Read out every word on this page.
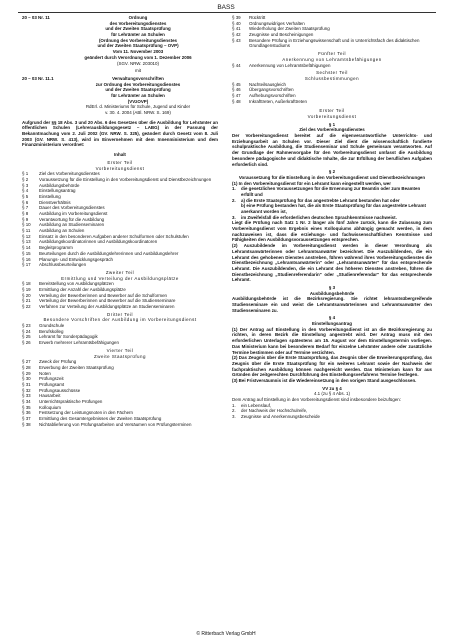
BASS
20 – 03 Nr. 11	Ordnung
des Vorbereitungsdienstes
und der Zweiten Staatsprüfung
für Lehrämter an Schulen
(Ordnung des Vorbereitungsdienstes
und der Zweiten Staatsprüfung – OVP)
Vom 11. November 2003
geändert durch Verordnung vom 1. Dezember 2006
(SGV. NRW. 203010)
mit
20 – 03 Nr. 11.1	Verwaltungsvorschriften
zur Ordnung des Vorbereitungsdienstes
und der Zweiten Staatsprüfung
für Lehrämter an Schulen
(VVzOVP)
RdErl. d. Ministeriums für Schule, Jugend und Kinder
v. 30. 4. 2004 (ABl. NRW. S. 169)
Aufgrund der §§ 18 Abs. 3 und 20 Abs. 6 des Gesetzes über die Ausbildung für Lehrämter an öffentlichen Schulen (Lehrerausbildungsgesetz – LABG) in der Fassung der Bekanntmachung vom 2. Juli 2002 (GV. NRW. S. 325), geändert durch Gesetz vom 8. Juli 2003 (GV. NRW. S. 413), wird im Einvernehmen mit dem Innenministerium und dem Finanzministerium verordnet:
Inhalt
Erster Teil
Vorbereitungsdienst
§ 1	Ziel des Vorbereitungsdienstes
§ 2	Voraussetzung für die Einstellung in den Vorbereitungsdienst und Dienstbezeichnungen
§ 3	Ausbildungsbehörde
§ 4	Einstellungsantrag
§ 5	Einstellung
§ 6	Dienstverhältnis
§ 7	Dauer des Vorbereitungsdienstes
§ 8	Ausbildung im Vorbereitungsdienst
§ 9	Verantwortung für die Ausbildung
§ 10	Ausbildung an Studienseminaren
§ 11	Ausbildung an Schulen
§ 12	Einsatz in den besonderen Aufgaben anderer Schulformen oder Schulstufen
§ 13	Ausbildungskoordinatorinnen und Ausbildungskoordinatoren
§ 14	Begleitprogramm
§ 15	Beurteilungen durch die Ausbildungslehrerinnen und Ausbildungslehrer
§ 16	Planungs- und Entwicklungsgespräch
§ 17	Abschlussbeurteilungen
Zweiter Teil
Ermittlung und Verteilung der Ausbildungsplätze
§ 18	Bereitstellung von Ausbildungsplätzen
§ 19	Ermittlung der Anzahl der Ausbildungsplätze
§ 20	Verteilung der Bewerberinnen und Bewerber auf die Schulformen
§ 21	Verteilung der Bewerberinnen und Bewerber auf die Studienseminare
§ 22	Verfahren zur Verteilung der Ausbildungsplätze an Studienseminaren
Dritter Teil
Besondere Vorschriften der Ausbildung im Vorbereitungsdienst
§ 23	Grundschule
§ 24	Berufskolleg
§ 25	Lehramt für Sonderpädagogik
§ 26	Erwerb mehrerer Lehramtsbefähigungen
Vierter Teil
Zweite Staatsprüfung
§ 27	Zweck der Prüfung
§ 28	Erwerbung der Zweiten Staatsprüfung
§ 29	Noten
§ 30	Prüfungszeit
§ 31	Prüfungsamt
§ 32	Prüfungsausschüsse
§ 33	Hausarbeit
§ 34	Unterrichtspraktische Prüfungen
§ 35	Kolloquium
§ 36	Festsetzung der Leistungsnoten in den Fächern
§ 37	Ermittlung des Gesamtergebnisses der Zweiten Staatsprüfung
§ 38	Nichtablieferung von Prüfungsarbeiten und Versäumen von Prüfungsterminen
§ 39	Rücktritt
§ 40	Ordnungswidriges Verhalten
§ 41	Wiederholung der Zweiten Staatsprüfung
§ 42	Zeugnisse und Bescheinigungen
§ 43	Besondere Prüfung in Erziehungswissenschaft und in Unterrichtsfach des didaktischen Grundlagenstudiums
Fünfter Teil
Anerkennung von Lehramtsbefähigungen
§ 44	Anerkennung von Lehramtsbefähigungen
Sechster Teil
Schlussbestimmungen
§ 45	Nachteilsausgleich
§ 46	Übergangsvorschriften
§ 47	Aufhebungsvorschriften
§ 48	Inkrafttreten, Außerkrafttreten
Erster Teil
Vorbereitungsdienst
§ 1
Ziel des Vorbereitungsdienstes
Der Vorbereitungsdienst bereitet auf die eigenverantwortliche Unterrichts- und Erziehungsarbeit an Schulen vor. Dieser Ziel dient die wissenschaftlich fundierte schulpraktische Ausbildung, die Studienseminar und Schule gemeinsam verantworten. Auf der Grundlage der Rahmenvorgabe für den Vorbereitungsdienst umfasst die Ausbildung besondere pädagogische und didaktische Inhalte, die zur Erfüllung der beruflichen Aufgaben erforderlich sind.
§ 2
Voraussetzung für die Einstellung in den Vorbereitungsdienst und Dienstbezeichnungen
(1) In den Vorbereitungsdienst für ein Lehramt kann eingestellt werden, wer
1.	die gesetzlichen Voraussetzungen für die Ernennung zur Beamtin oder zum Beamten erfüllt und
2.	a) die Erste Staatsprüfung für das angestrebte Lehramt bestanden hat oder
b) eine Prüfung bestanden hat, die als Erste Staatsprüfung für das angestrebte Lehramt anerkannt worden ist,
3.	im Zweifelsfall die erforderlichen deutschen Sprachkenntnisse nachweist.
Liegt die Prüfung nach Satz 1 Nr. 2 länger als fünf Jahre zurück, kann die Zulassung zum Vorbereitungsdienst vom Ergebnis eines Kolloquiums abhängig gemacht werden, in dem nachzuweisen ist, dass die erziehungs- und fachwissenschaftlichen Kenntnisse und Fähigkeiten den Ausbildungsvoraussetzungen entsprechen.
(2) Auszubildende im Vorbereitungsdienst werden in dieser Verordnung als Lehramtsanwärterinnen oder Lehramtsanwärter bezeichnet. Die Auszubildenden, die ein Lehramt des gehobenen Dienstes anstreben, führen während ihres Vorbereitungsdienstes die Dienstbezeichnung „Lehramtsanwärterin" oder „Lehramtsanwärter" für das entsprechende Lehramt. Die Auszubildenden, die ein Lehramt des höheren Dienstes anstreben, führen die Dienstbezeichnung „Studienreferendarin" oder „Studienreferendar" für das entsprechende Lehramt.
§ 3
Ausbildungsbehörde
Ausbildungsbehörde ist die Bezirksregierung. Sie richtet lehramtsübergreifende Studienseminare ein und weist die Lehramtsanwärterinnen und Lehramtsanwärter den Studienseminaren zu.
§ 4
Einstellungsantrag
(1) Der Antrag auf Einstellung in den Vorbereitungsdienst ist an die Bezirksregierung zu richten, in deren Bezirk die Einstellung angestrebt wird. Der Antrag muss mit den erforderlichen Unterlagen spätestens am 15. August vor dem Einstellungstermin vorliegen. Das Ministerium kann bei besonderem Bedarf für einzelne Lehrämter andere oder zusätzliche Termine bestimmen oder auf Termine verzichten.
(2) Das Zeugnis über die Erste Staatsprüfung, das Zeugnis über die Erweiterungsprüfung, das Zeugnis über die Erste Staatsprüfung für ein weiteres Lehramt sowie der Nachweis der fachpraktischen Ausbildung können nachgereicht werden. Das Ministerium kann für aus Gründen der zeitgerechten Durchführung des Einstellungsverfahrens Termine festlegen.
(3) Bei Fristversäumnis ist die Wiedereinsetzung in den vorigen Stand ausgeschlossen.
VV zu § 4
4.1 (zu § 4 Abs. 1)
Dem Antrag auf Einstellung in den Vorbereitungsdienst sind insbesondere beizufügen:
1.	ein Lebenslauf,
2.	der Nachweis der Hochschulreife,
3.	Zeugnisse und Anerkennungsbescheide
© Ritterbach Verlag GmbH
